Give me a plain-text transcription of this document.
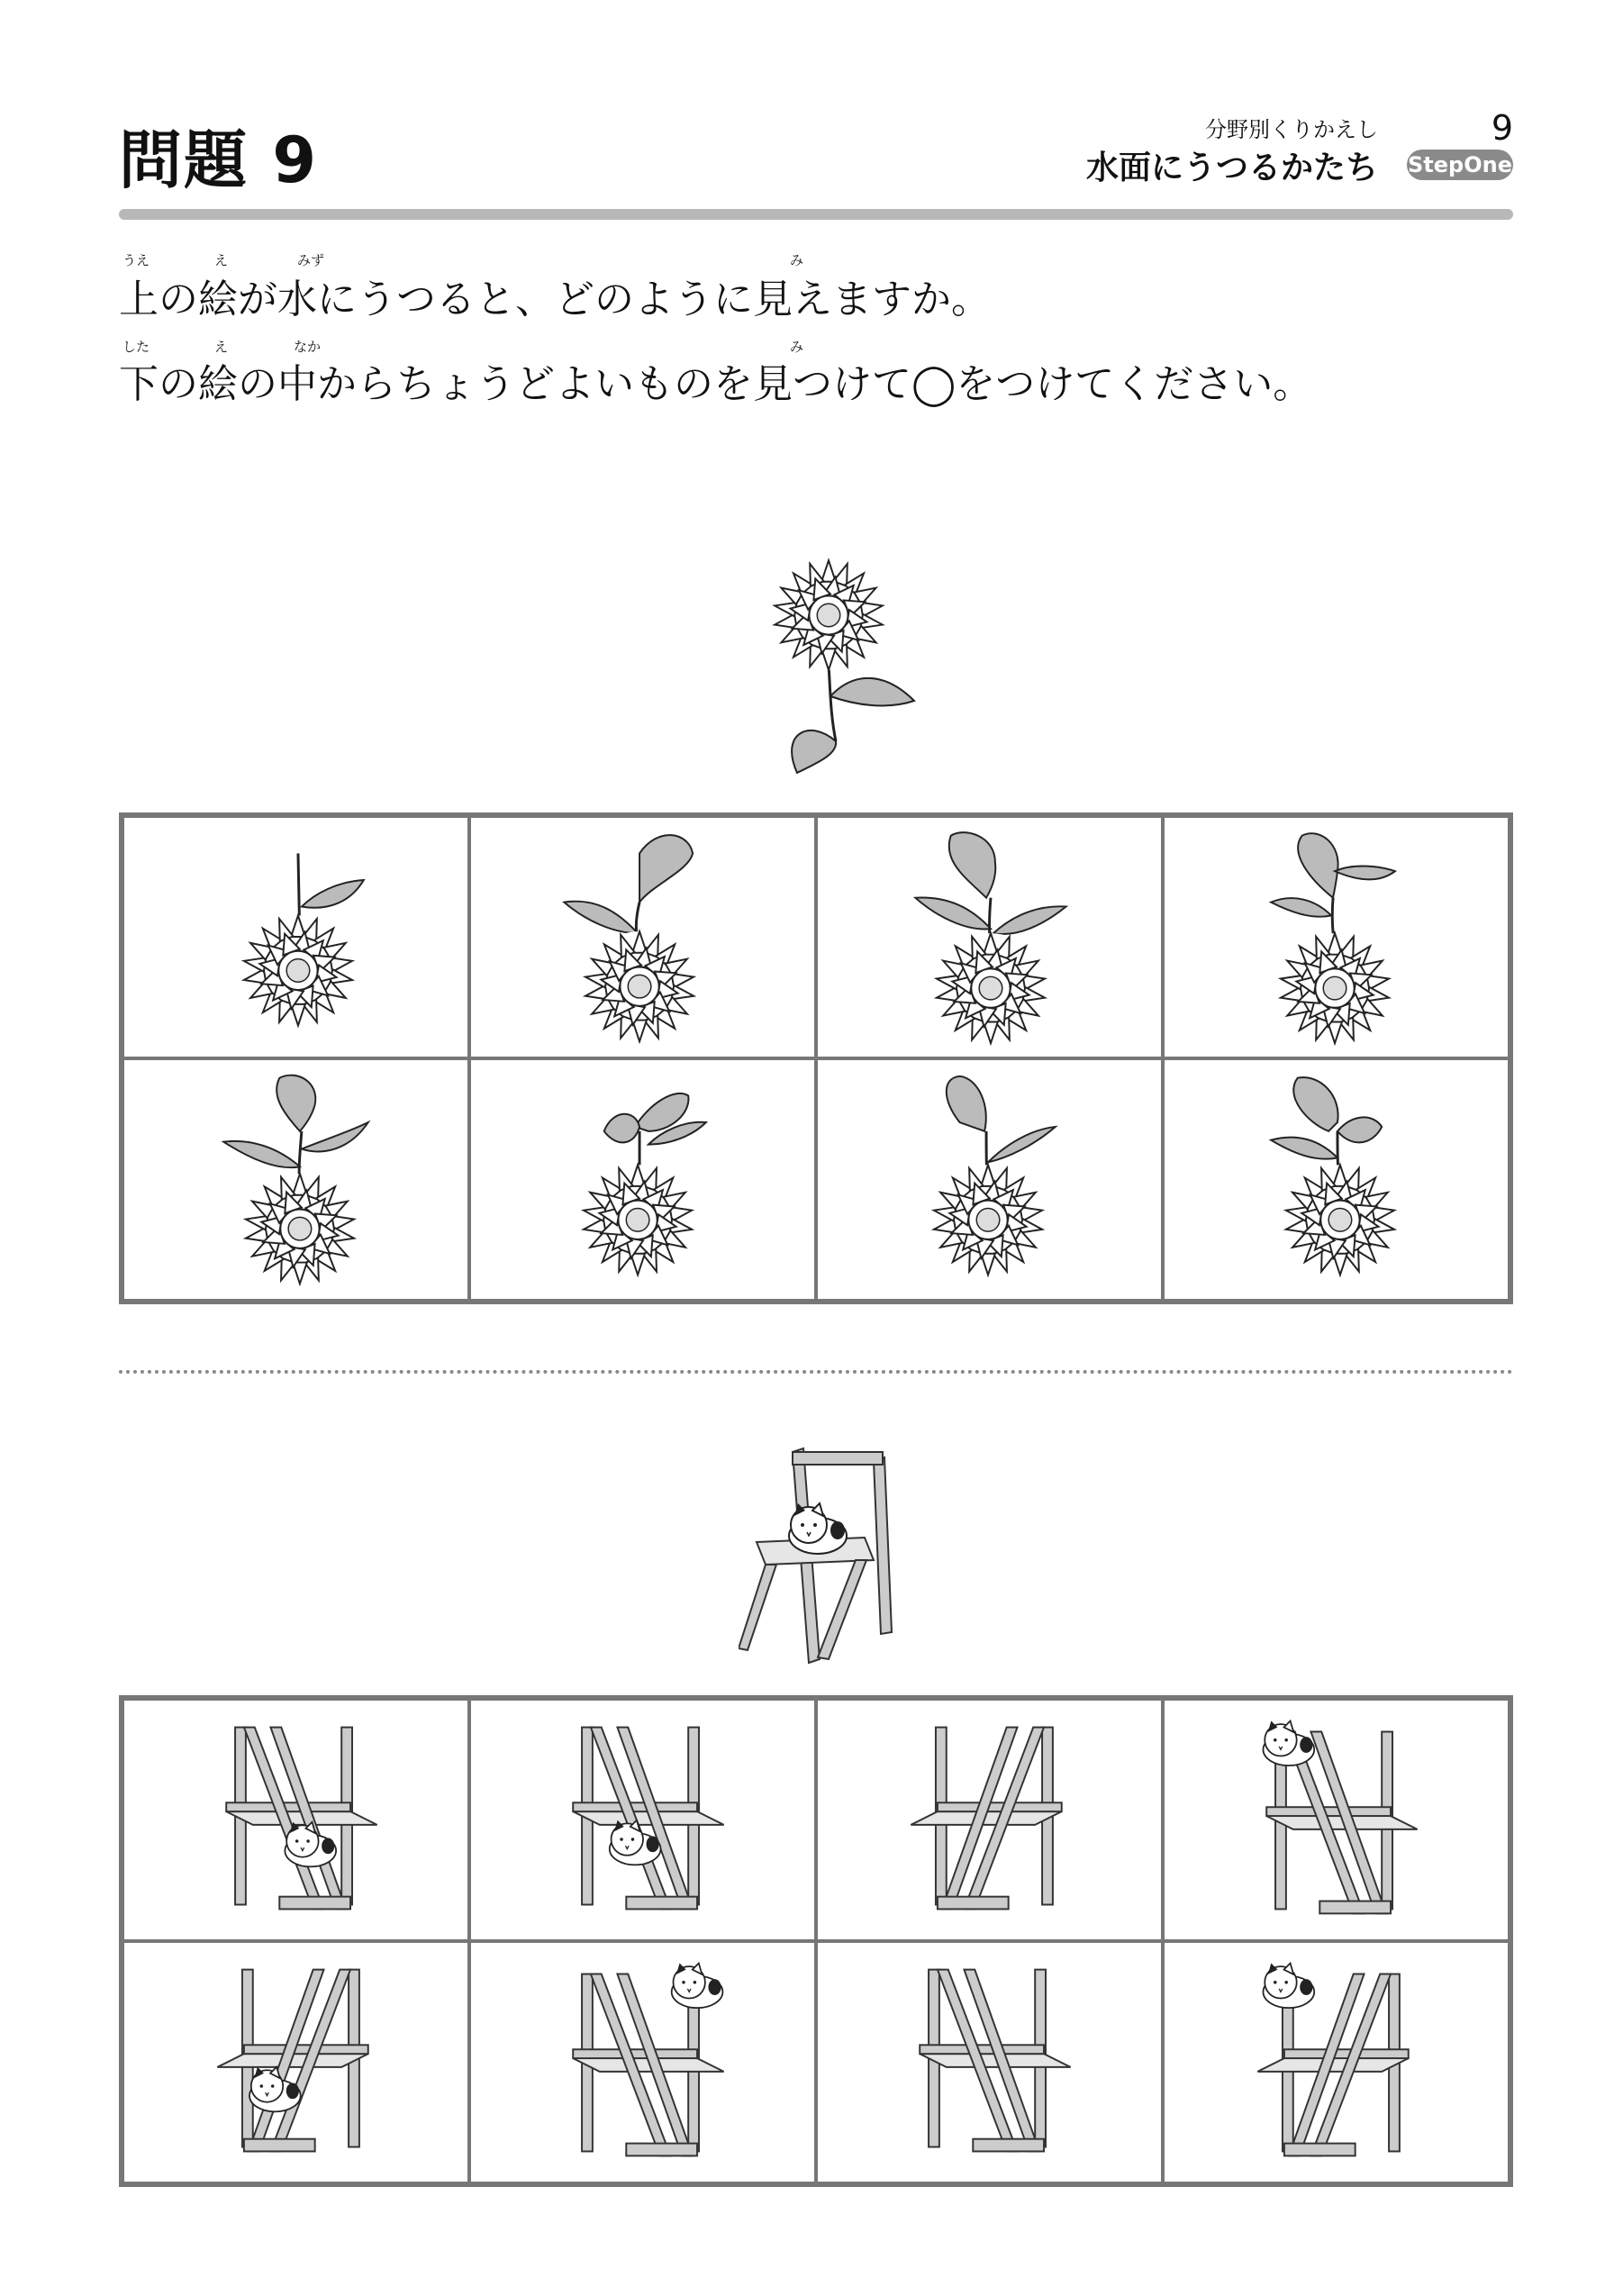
問題 9	分野別くりかえし	9
水面にうつるかたち StepOne
うえ	え	みず	み
上の絵が水にうつると、どのように見えますか。
した	え	なか	み
下の絵の中からちょうどよいものを見つけて◯をつけてください。
